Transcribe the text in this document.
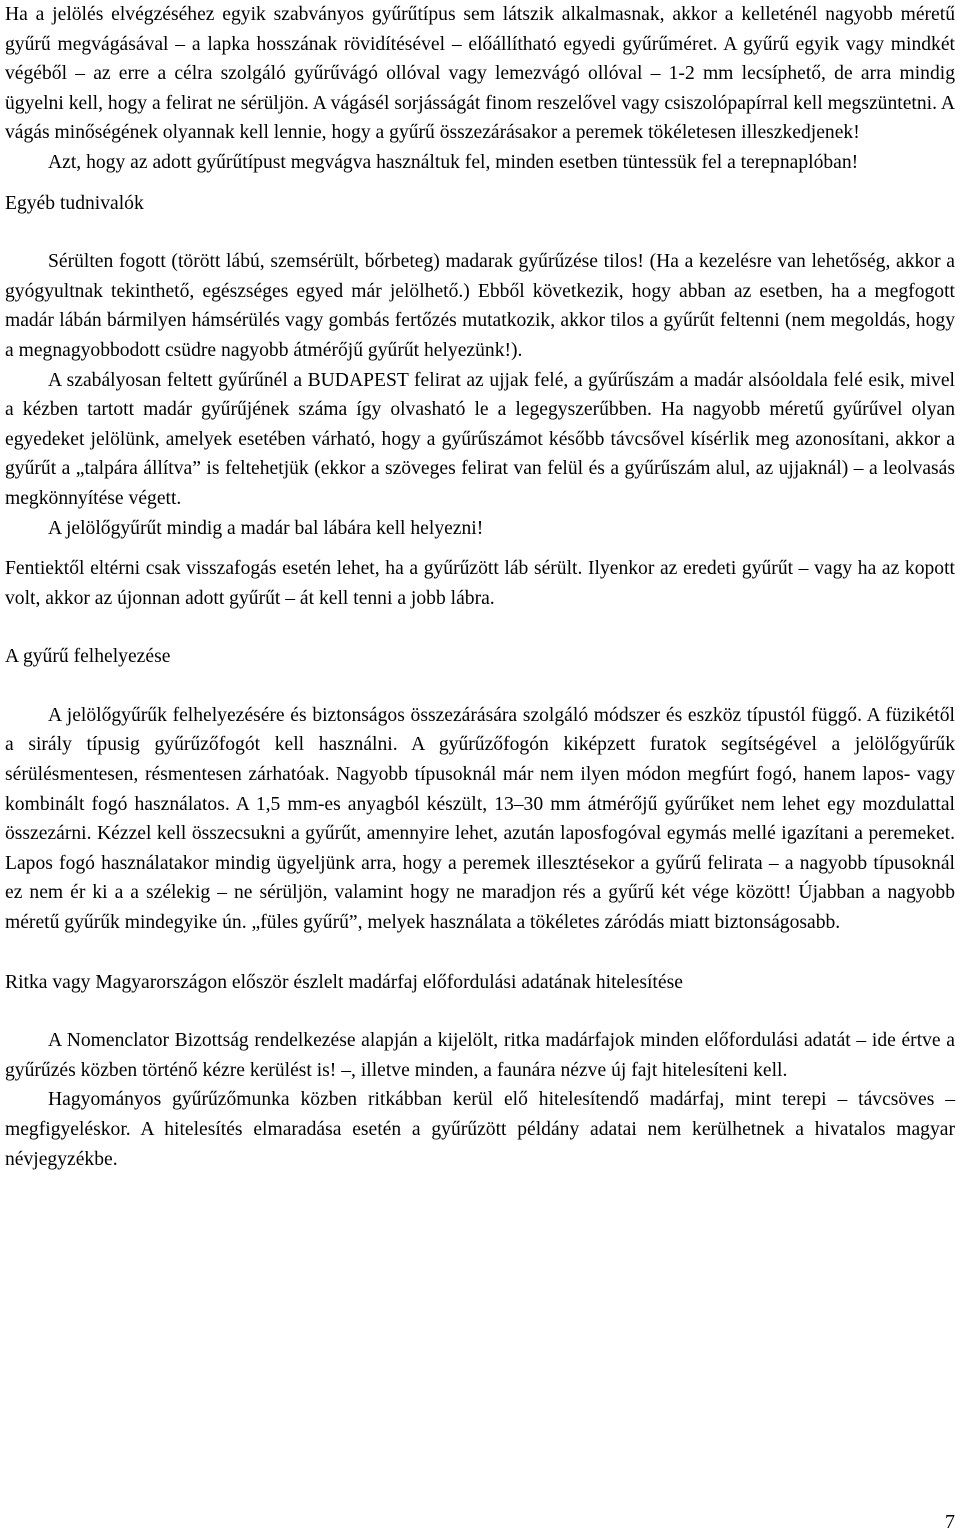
Ha a jelölés elvégzéséhez egyik szabványos gyűrűtípus sem látszik alkalmasnak, akkor a kelleténél nagyobb méretű gyűrű megvágásával – a lapka hosszának rövidítésével – előállítható egyedi gyűrűméret. A gyűrű egyik vagy mindkét végéből – az erre a célra szolgáló gyűrűvágó ollóval vagy lemezvágó ollóval – 1-2 mm lecsíphető, de arra mindig ügyelni kell, hogy a felirat ne sérüljön. A vágásél sorjásságát finom reszelővel vagy csiszolópapírral kell megszüntetni. A vágás minőségének olyannak kell lennie, hogy a gyűrű összezárásakor a peremek tökéletesen illeszkedjenek!

Azt, hogy az adott gyűrűtípust megvágva használtuk fel, minden esetben tüntessük fel a terepnaplóban!

Egyéb tudnivalók

Sérülten fogott (törött lábú, szemsérült, bőrbeteg) madarak gyűrűzése tilos! (Ha a kezelésre van lehetőség, akkor a gyógyultnak tekinthető, egészséges egyed már jelölhető.) Ebből következik, hogy abban az esetben, ha a megfogott madár lábán bármilyen hámsérülés vagy gombás fertőzés mutatkozik, akkor tilos a gyűrűt feltenni (nem megoldás, hogy a megnagyobbodott csüdre nagyobb átmérőjű gyűrűt helyezünk!).

A szabályosan feltett gyűrűnél a BUDAPEST felirat az ujjak felé, a gyűrűszám a madár alsóoldala felé esik, mivel a kézben tartott madár gyűrűjének száma így olvasható le a legegyszerűbben. Ha nagyobb méretű gyűrűvel olyan egyedeket jelölünk, amelyek esetében várható, hogy a gyűrűszámot később távcsővel kísérlik meg azonosítani, akkor a gyűrűt a „talpára állítva” is feltehetjük (ekkor a szöveges felirat van felül és a gyűrűszám alul, az ujjaknál) – a leolvasás megkönnyítése végett.

A jelölőgyűrűt mindig a madár bal lábára kell helyezni!

Fentiektől eltérni csak visszafogás esetén lehet, ha a gyűrűzött láb sérült. Ilyenkor az eredeti gyűrűt – vagy ha az kopott volt, akkor az újonnan adott gyűrűt – át kell tenni a jobb lábra.

A gyűrű felhelyezése

A jelölőgyűrűk felhelyezésére és biztonságos összezárására szolgáló módszer és eszköz típustól függő. A füzikétől a sirály típusig gyűrűzőfogót kell használni. A gyűrűzőfogón kiképzett furatok segítségével a jelölőgyűrűk sérülésmentesen, résmentesen zárhatóak. Nagyobb típusoknál már nem ilyen módon megfúrt fogó, hanem lapos- vagy kombinált fogó használatos. A 1,5 mm-es anyagból készült, 13–30 mm átmérőjű gyűrűket nem lehet egy mozdulattal összezárni. Kézzel kell összecsukni a gyűrűt, amennyire lehet, azután laposfogóval egymás mellé igazítani a peremeket. Lapos fogó használatakor mindig ügyeljünk arra, hogy a peremek illesztésekor a gyűrű felirata – a nagyobb típusoknál ez nem ér ki a a szélekig – ne sérüljön, valamint hogy ne maradjon rés a gyűrű két vége között! Újabban a nagyobb méretű gyűrűk mindegyike ún. „füles gyűrű”, melyek használata a tökéletes záródás miatt biztonságosabb.

Ritka vagy Magyarországon először észlelt madárfaj előfordulási adatának hitelesítése

A Nomenclator Bizottság rendelkezése alapján a kijelölt, ritka madárfajok minden előfordulási adatát – ide értve a gyűrűzés közben történő kézre kerülést is! –, illetve minden, a faunára nézve új fajt hitelesíteni kell.

Hagyományos gyűrűzőmunka közben ritkábban kerül elő hitelesítendő madárfaj, mint terepi – távcsöves – megfigyeléskor. A hitelesítés elmaradása esetén a gyűrűzött példány adatai nem kerülhetnek a hivatalos magyar névjegyzékbe.

7
